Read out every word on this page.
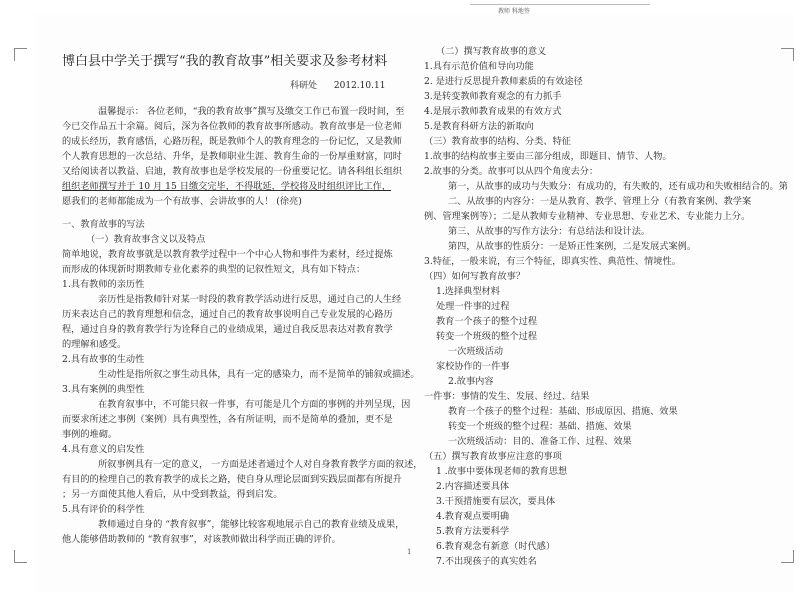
教师 科地签

博白县中学关于撰写“我的教育故事”相关要求及参考材料

科研处 2012.10.11

温馨提示： 各位老师，“我的教育故事”撰写及缴交工作已布置一段时间，至

今已交作品五十余篇。阅后，深为各位教师的教育故事所感动。教育故事是一位老师

的成长经历，教育感悟，心路历程，既是教师个人的教育理念的一份记忆，又是教师

个人教育思想的一次总结、升华，是教师职业生涯、教育生命的一份厚重财富，同时

又给阅读者以教益、启迪，教育故事也是学校发展的一份重要记忆。请各科组长组织

组织老师撰写并于 10 月 15 日缴交完毕，不得耽延，学校将及时组织评比工作，

愿我们的老师都能成为一个有故事、会讲故事的人！ (徐亮)

一、教育故事的写法

（一）教育故事含义以及特点

简单地说，教育故事就是以教育教学过程中一个中心人物和事件为素材，经过提炼

而形成的体现新时期教师专业化素养的典型的记叙性短文，具有如下特点：

1.具有教师的亲历性

亲历性是指教师针对某一时段的教育教学活动进行反思，通过自己的人生经

历来表达自己的教育理想和信念，通过自己的教育故事说明自己专业发展的心路历

程，通过自身的教育教学行为诠释自己的业绩成果，通过自我反思表达对教育教学

的理解和感受。

2.具有故事的生动性

生动性是指所叙之事生动具体，具有一定的感染力，而不是简单的铺叙或描述。

3.具有案例的典型性

在教育叙事中，不可能只叙一件事，有可能是几个方面的事例的并列呈现，因

而要求所述之事例（案例）具有典型性，各有所证明，而不是简单的叠加，更不是

事例的堆砌。

4.具有意义的启发性

所叙事例具有一定的意义， 一方面是述者通过个人对自身教育教学方面的叙述，

有目的的检理自己的教育教学的成长之路，使自身从理论层面到实践层面都有所提升

；另一方面使其他人看后，从中受到教益，得到启发。

5.具有评价的科学性

教师通过自身的 “教育叙事”，能够比较客观地展示自己的教育业绩及成果，

他人能够借助教师的 “教育叙事”，对该教师做出科学而正确的评价。

（二）撰写教育故事的意义

1.具有示范价值和导向功能

2. 是进行反思提升教师素质的有效途径

3.是转变教师教育观念的有力抓手

4.是展示教师教育成果的有效方式

5.是教育科研方法的新取向

（三）教育故事的结构、分类、特征

1.故事的结构故事主要由三部分组成，即题目、情节、人物。

2.故事的分类。故事可以从四个角度去分：

第一，从故事的成功与失败分：有成功的，有失败的，还有成功和失败相结合的。第

二、从故事的内容分：一是从教育、教学、管理上分（有教育案例、教学案

例、管理案例等）；二是从教师专业精神、专业思想、专业艺术、专业能力上分。

第三、从故事的写作方法分：有总结法和设计法。

第四，从故事的性质分：一是矫正性案例，二是发展式案例。

3.特征，一般来说，有三个特征，即真实性、典范性、情境性。

（四）如何写教育故事？

1.选择典型材料

处理一件事的过程

教育一个孩子的整个过程

转变一个班级的整个过程

一次班级活动

家校协作的一件事

2.故事内容

一件事：事情的发生、发展、经过、结果

教育一个孩子的整个过程：基础、形成原因、措施、效果

转变一个班级的整个过程：基础、措施、效果

一次班级活动：目的、准备工作、过程、效果

（五）撰写教育故事应注意的事项

1 .故事中要体现老师的教育思想

2.内容描述要具体

3.干预措施要有层次，要具体

4.教育观点要明确

5.教育方法要科学

6.教育观念有新意（时代感）

7.不出现孩子的真实姓名

1
